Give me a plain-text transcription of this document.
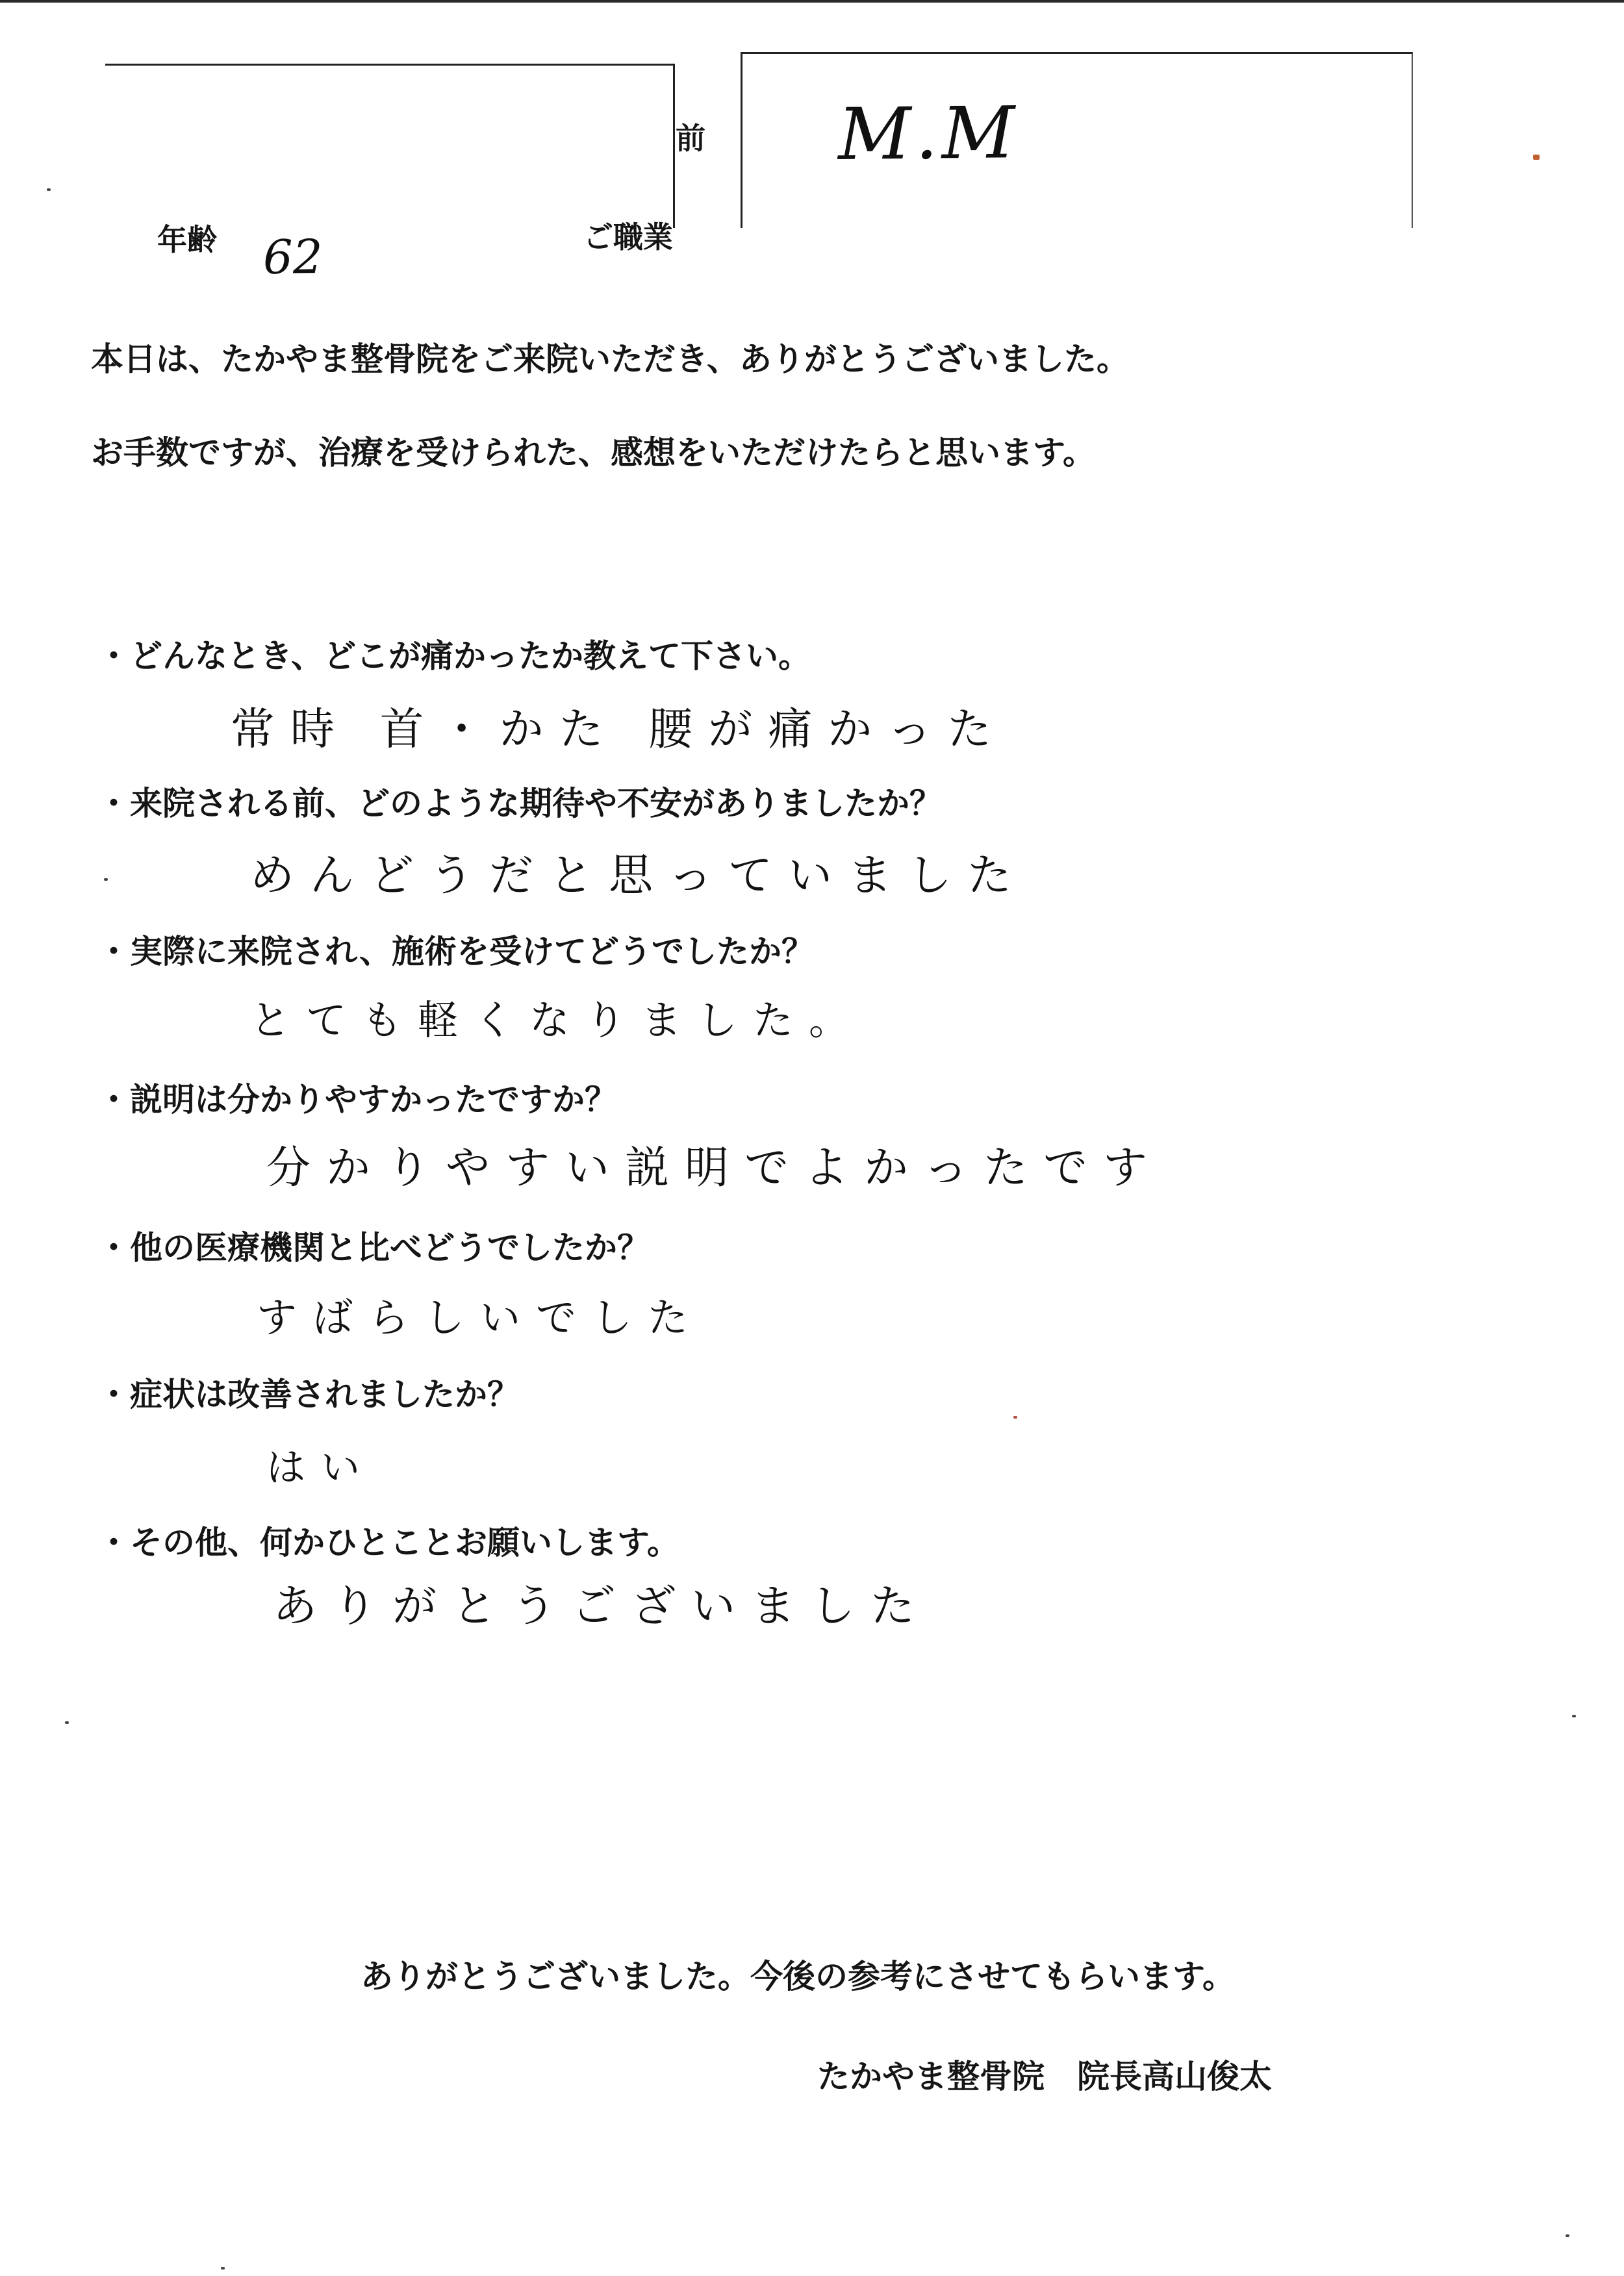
前 M.M
年齢 62	ご職業
本日は、たかやま整骨院をご来院いただき、ありがとうございました。
お手数ですが、治療を受けられた、感想をいただけたらと思います。
・どんなとき、どこが痛かったか教えて下さい。
常時 首・かた 腰が痛かった
・来院される前、どのような期待や不安がありましたか？
めんどうだと思っていました
・実際に来院され、施術を受けてどうでしたか？
とても軽くなりました。
・説明は分かりやすかったですか？
分かりやすい説明でよかったです
・他の医療機関と比べどうでしたか？
すばらしいでした
・症状は改善されましたか？
はい
・その他、何かひとことお願いします。
ありがとうございました
ありがとうございました。今後の参考にさせてもらいます。
たかやま整骨院　院長高山俊太
